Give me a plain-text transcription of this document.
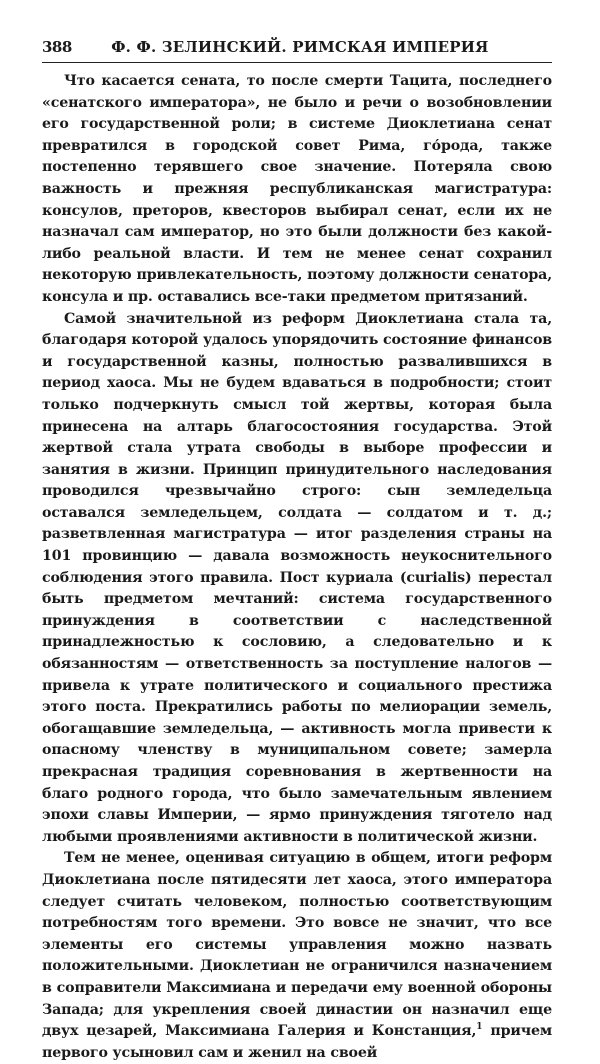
388	Ф. Ф. ЗЕЛИНСКИЙ. РИМСКАЯ ИМПЕРИЯ

Что касается сената, то после смерти Тацита, последнего «сенатского императора», не было и речи о возобновлении его государственной роли; в системе Диоклетиана сенат превратился в городской совет Рима, го́рода, также постепенно терявшего свое значение. Потеряла свою важность и прежняя республиканская магистратура: консулов, преторов, квесторов выбирал сенат, если их не назначал сам император, но это были должности без какой-либо реальной власти. И тем не менее сенат сохранил некоторую привлекательность, поэтому должности сенатора, консула и пр. оставались все-таки предметом притязаний.

Самой значительной из реформ Диоклетиана стала та, благодаря которой удалось упорядочить состояние финансов и государственной казны, полностью развалившихся в период хаоса. Мы не будем вдаваться в подробности; стоит только подчеркнуть смысл той жертвы, которая была принесена на алтарь благосостояния государства. Этой жертвой стала утрата свободы в выборе профессии и занятия в жизни. Принцип принудительного наследования проводился чрезвычайно строго: сын земледельца оставался земледельцем, солдата — солдатом и т. д.; разветвленная магистратура — итог разделения страны на 101 провинцию — давала возможность неукоснительного соблюдения этого правила. Пост куриала (curialis) перестал быть предметом мечтаний: система государственного принуждения в соответствии с наследственной принадлежностью к сословию, а следовательно и к обязанностям — ответственность за поступление налогов — привела к утрате политического и социального престижа этого поста. Прекратились работы по мелиорации земель, обогащавшие земледельца, — активность могла привести к опасному членству в муниципальном совете; замерла прекрасная традиция соревнования в жертвенности на благо родного города, что было замечательным явлением эпохи славы Империи, — ярмо принуждения тяготело над любыми проявлениями активности в политической жизни.

Тем не менее, оценивая ситуацию в общем, итоги реформ Диоклетиана после пятидесяти лет хаоса, этого императора следует считать человеком, полностью соответствующим потребностям того времени. Это вовсе не значит, что все элементы его системы управления можно назвать положительными. Диоклетиан не ограничился назначением в соправители Максимиана и передачи ему военной обороны Запада; для укрепления своей династии он назначил еще двух цезарей, Максимиана Галерия и Констанция,$^1$ причем первого усыновил сам и женил на своей
